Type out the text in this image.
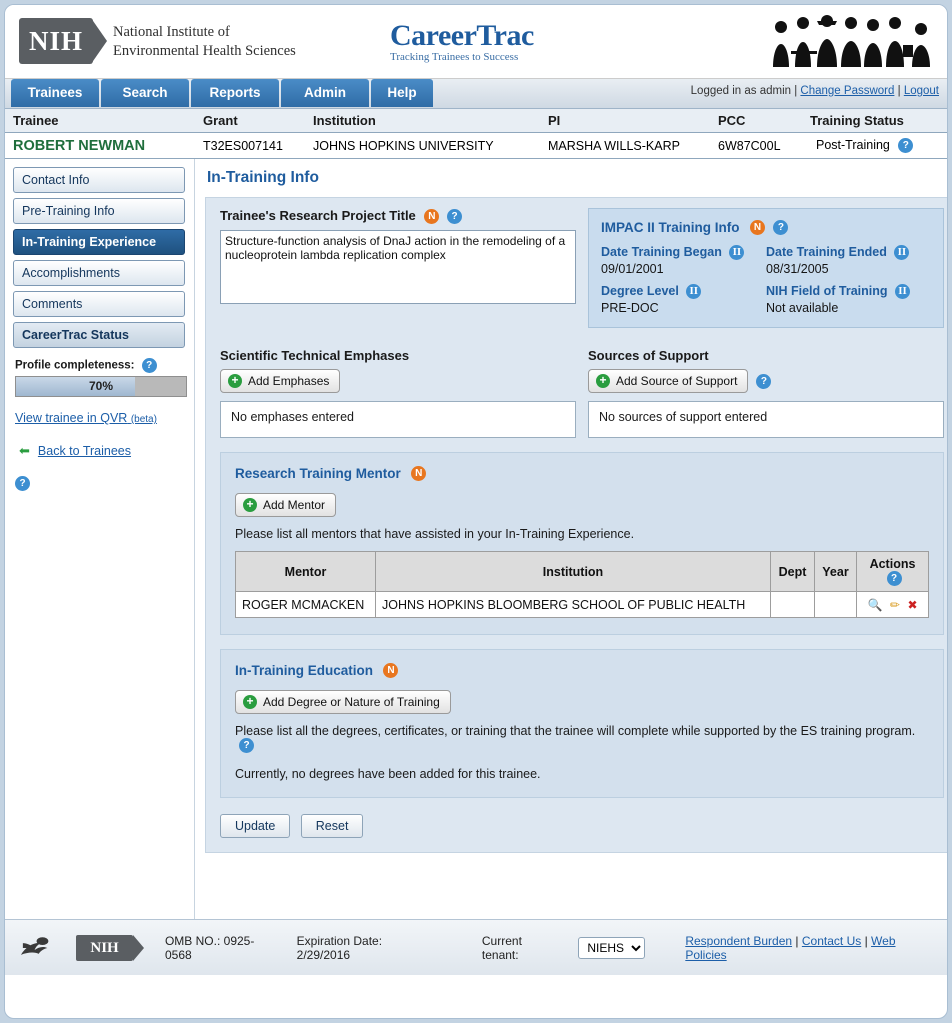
NIH	National Institute of
Environmental Health Sciences	CareerTrac
Tracking Trainees to Success
Trainees	Search	Reports	Admin	Help	Logged in as admin | Change Password | Logout
Trainee	Grant	Institution	PI	PCC	Training Status
ROBERT NEWMAN	T32ES007141	JOHNS HOPKINS UNIVERSITY	MARSHA WILLS-KARP	6W87C00L	Post-Training ?
Contact Info
Pre-Training Info
In-Training Experience
Accomplishments
Comments
CareerTrac Status
Profile completeness: ?
70%
View trainee in QVR (beta)
⬅ Back to Trainees
?
In-Training Info
Trainee's Research Project Title N ?
Structure-function analysis of DnaJ action in the remodeling of a nucleoprotein lambda replication complex
IMPAC II Training Info N ?
Date Training Began II
09/01/2001
Date Training Ended II
08/31/2005
Degree Level II
PRE-DOC
NIH Field of Training II
Not available
Scientific Technical Emphases
+ Add Emphases
No emphases entered
Sources of Support
+ Add Source of Support	?
No sources of support entered
Research Training Mentor N
+ Add Mentor

Please list all mentors that have assisted in your In-Training Experience.

Mentor	Institution	Dept	Year	Actions ?
ROGER MCMACKEN	JOHNS HOPKINS BLOOMBERG SCHOOL OF PUBLIC HEALTH			🔍 ✏ ✖
In-Training Education N
+ Add Degree or Nature of Training

Please list all the degrees, certificates, or training that the trainee will complete while supported by the ES training program. ?

Currently, no degrees have been added for this trainee.

Update	Reset
NIH	OMB NO.: 0925-0568
Expiration Date: 2/29/2016
Current tenant:
NIEHS
Respondent Burden | Contact Us | Web Policies
